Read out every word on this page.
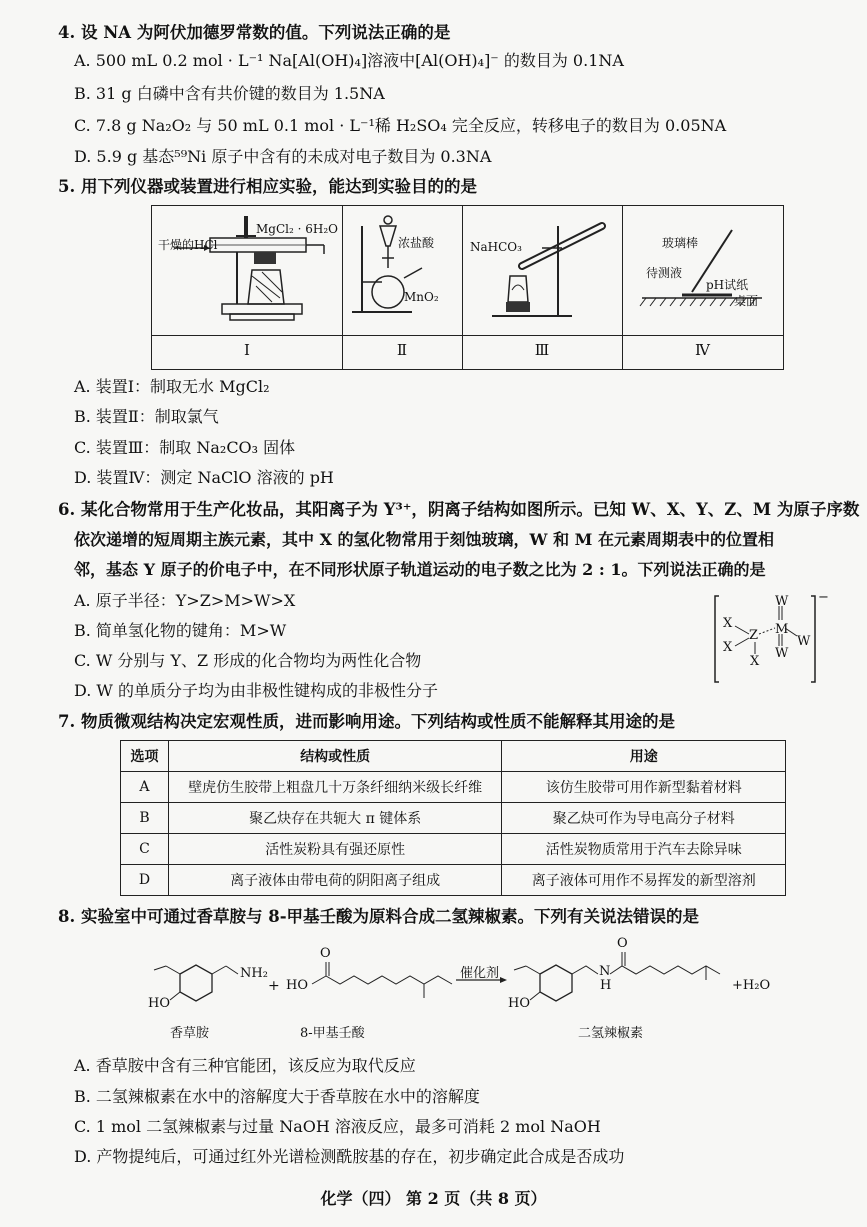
4. 设 NA 为阿伏加德罗常数的值。下列说法正确的是
A. 500 mL 0.2 mol · L⁻¹ Na[Al(OH)₄]溶液中[Al(OH)₄]⁻ 的数目为 0.1NA
B. 31 g 白磷中含有共价键的数目为 1.5NA
C. 7.8 g Na₂O₂ 与 50 mL 0.1 mol · L⁻¹稀 H₂SO₄ 完全反应，转移电子的数目为 0.05NA
D. 5.9 g 基态⁵⁹Ni 原子中含有的未成对电子数目为 0.3NA
5. 用下列仪器或装置进行相应实验，能达到实验目的的是
干燥的HCl
MgCl₂ · 6H₂O
I
浓盐酸
MnO₂
Ⅱ
NaHCO₃
Ⅲ
玻璃棒
待测液
pH试纸
桌面
Ⅳ
A. 装置Ⅰ：制取无水 MgCl₂
B. 装置Ⅱ：制取氯气
C. 装置Ⅲ：制取 Na₂CO₃ 固体
D. 装置Ⅳ：测定 NaClO 溶液的 pH
6. 某化合物常用于生产化妆品，其阳离子为 Y³⁺，阴离子结构如图所示。已知 W、X、Y、Z、M 为原子序数
依次递增的短周期主族元素，其中 X 的氢化物常用于刻蚀玻璃，W 和 M 在元素周期表中的位置相
邻，基态 Y 原子的价电子中，在不同形状原子轨道运动的电子数之比为 2 : 1。下列说法正确的是
A. 原子半径：Y>Z>M>W>X
B. 简单氢化物的键角：M>W
C. W 分别与 Y、Z 形成的化合物均为两性化合物
D. W 的单质分子均为由非极性键构成的非极性分子
X
X
Z
X
M
W
W
W
−
7. 物质微观结构决定宏观性质，进而影响用途。下列结构或性质不能解释其用途的是
选项	结构或性质	用途
A	壁虎仿生胶带上粗盘几十万条纤细纳米级长纤维	该仿生胶带可用作新型黏着材料
B	聚乙炔存在共轭大 π 键体系	聚乙炔可作为导电高分子材料
C	活性炭粉具有强还原性	活性炭物质常用于汽车去除异味
D	离子液体由带电荷的阴阳离子组成	离子液体可用作不易挥发的新型溶剂
8. 实验室中可通过香草胺与 8-甲基壬酸为原料合成二氢辣椒素。下列有关说法错误的是
NH₂
HO
+ HO
O
催化剂
HO
N
H
O
+H₂O
香草胺	8-甲基壬酸	二氢辣椒素
A. 香草胺中含有三种官能团，该反应为取代反应
B. 二氢辣椒素在水中的溶解度大于香草胺在水中的溶解度
C. 1 mol 二氢辣椒素与过量 NaOH 溶液反应，最多可消耗 2 mol NaOH
D. 产物提纯后，可通过红外光谱检测酰胺基的存在，初步确定此合成是否成功
化学（四） 第 2 页（共 8 页）
